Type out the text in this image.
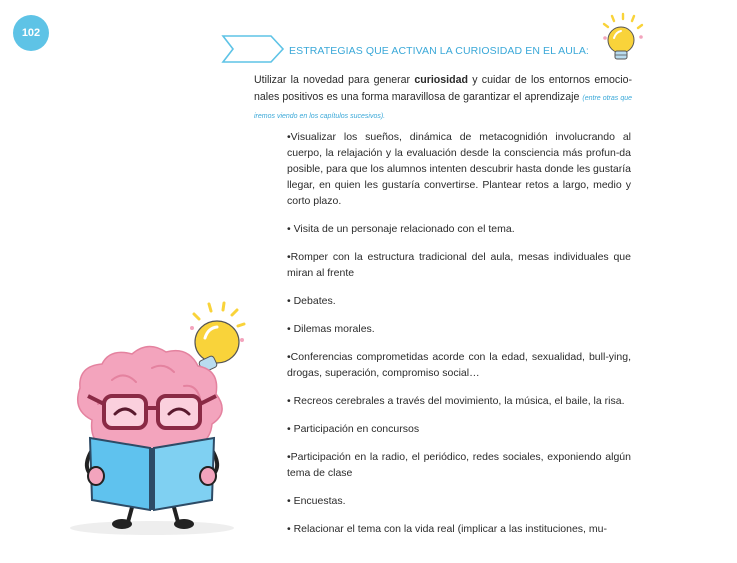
102
ESTRATEGIAS QUE ACTIVAN LA CURIOSIDAD EN EL AULA:
Utilizar la novedad para generar curiosidad y cuidar de los entornos emocio-nales positivos es una forma maravillosa de garantizar el aprendizaje (entre otras que iremos viendo en los capítulos sucesivos).
•Visualizar los sueños, dinámica de metacognidión involucrando al cuerpo, la relajación y la evaluación desde la consciencia más profun-da posible, para que los alumnos intenten descubrir hasta donde les gustaría llegar, en quien les gustaría convertirse. Plantear retos a largo, medio y corto plazo.
• Visita de un personaje relacionado con el tema.
•Romper con la estructura tradicional del aula, mesas individuales que miran al frente
• Debates.
• Dilemas morales.
•Conferencias comprometidas acorde con la edad, sexualidad, bull-ying, drogas, superación, compromiso social…
• Recreos cerebrales a través del movimiento, la música, el baile, la risa.
• Participación en concursos
•Participación en la radio, el periódico, redes sociales, exponiendo algún tema de clase
• Encuestas.
• Relacionar el tema con la vida real (implicar a las instituciones, mu-
